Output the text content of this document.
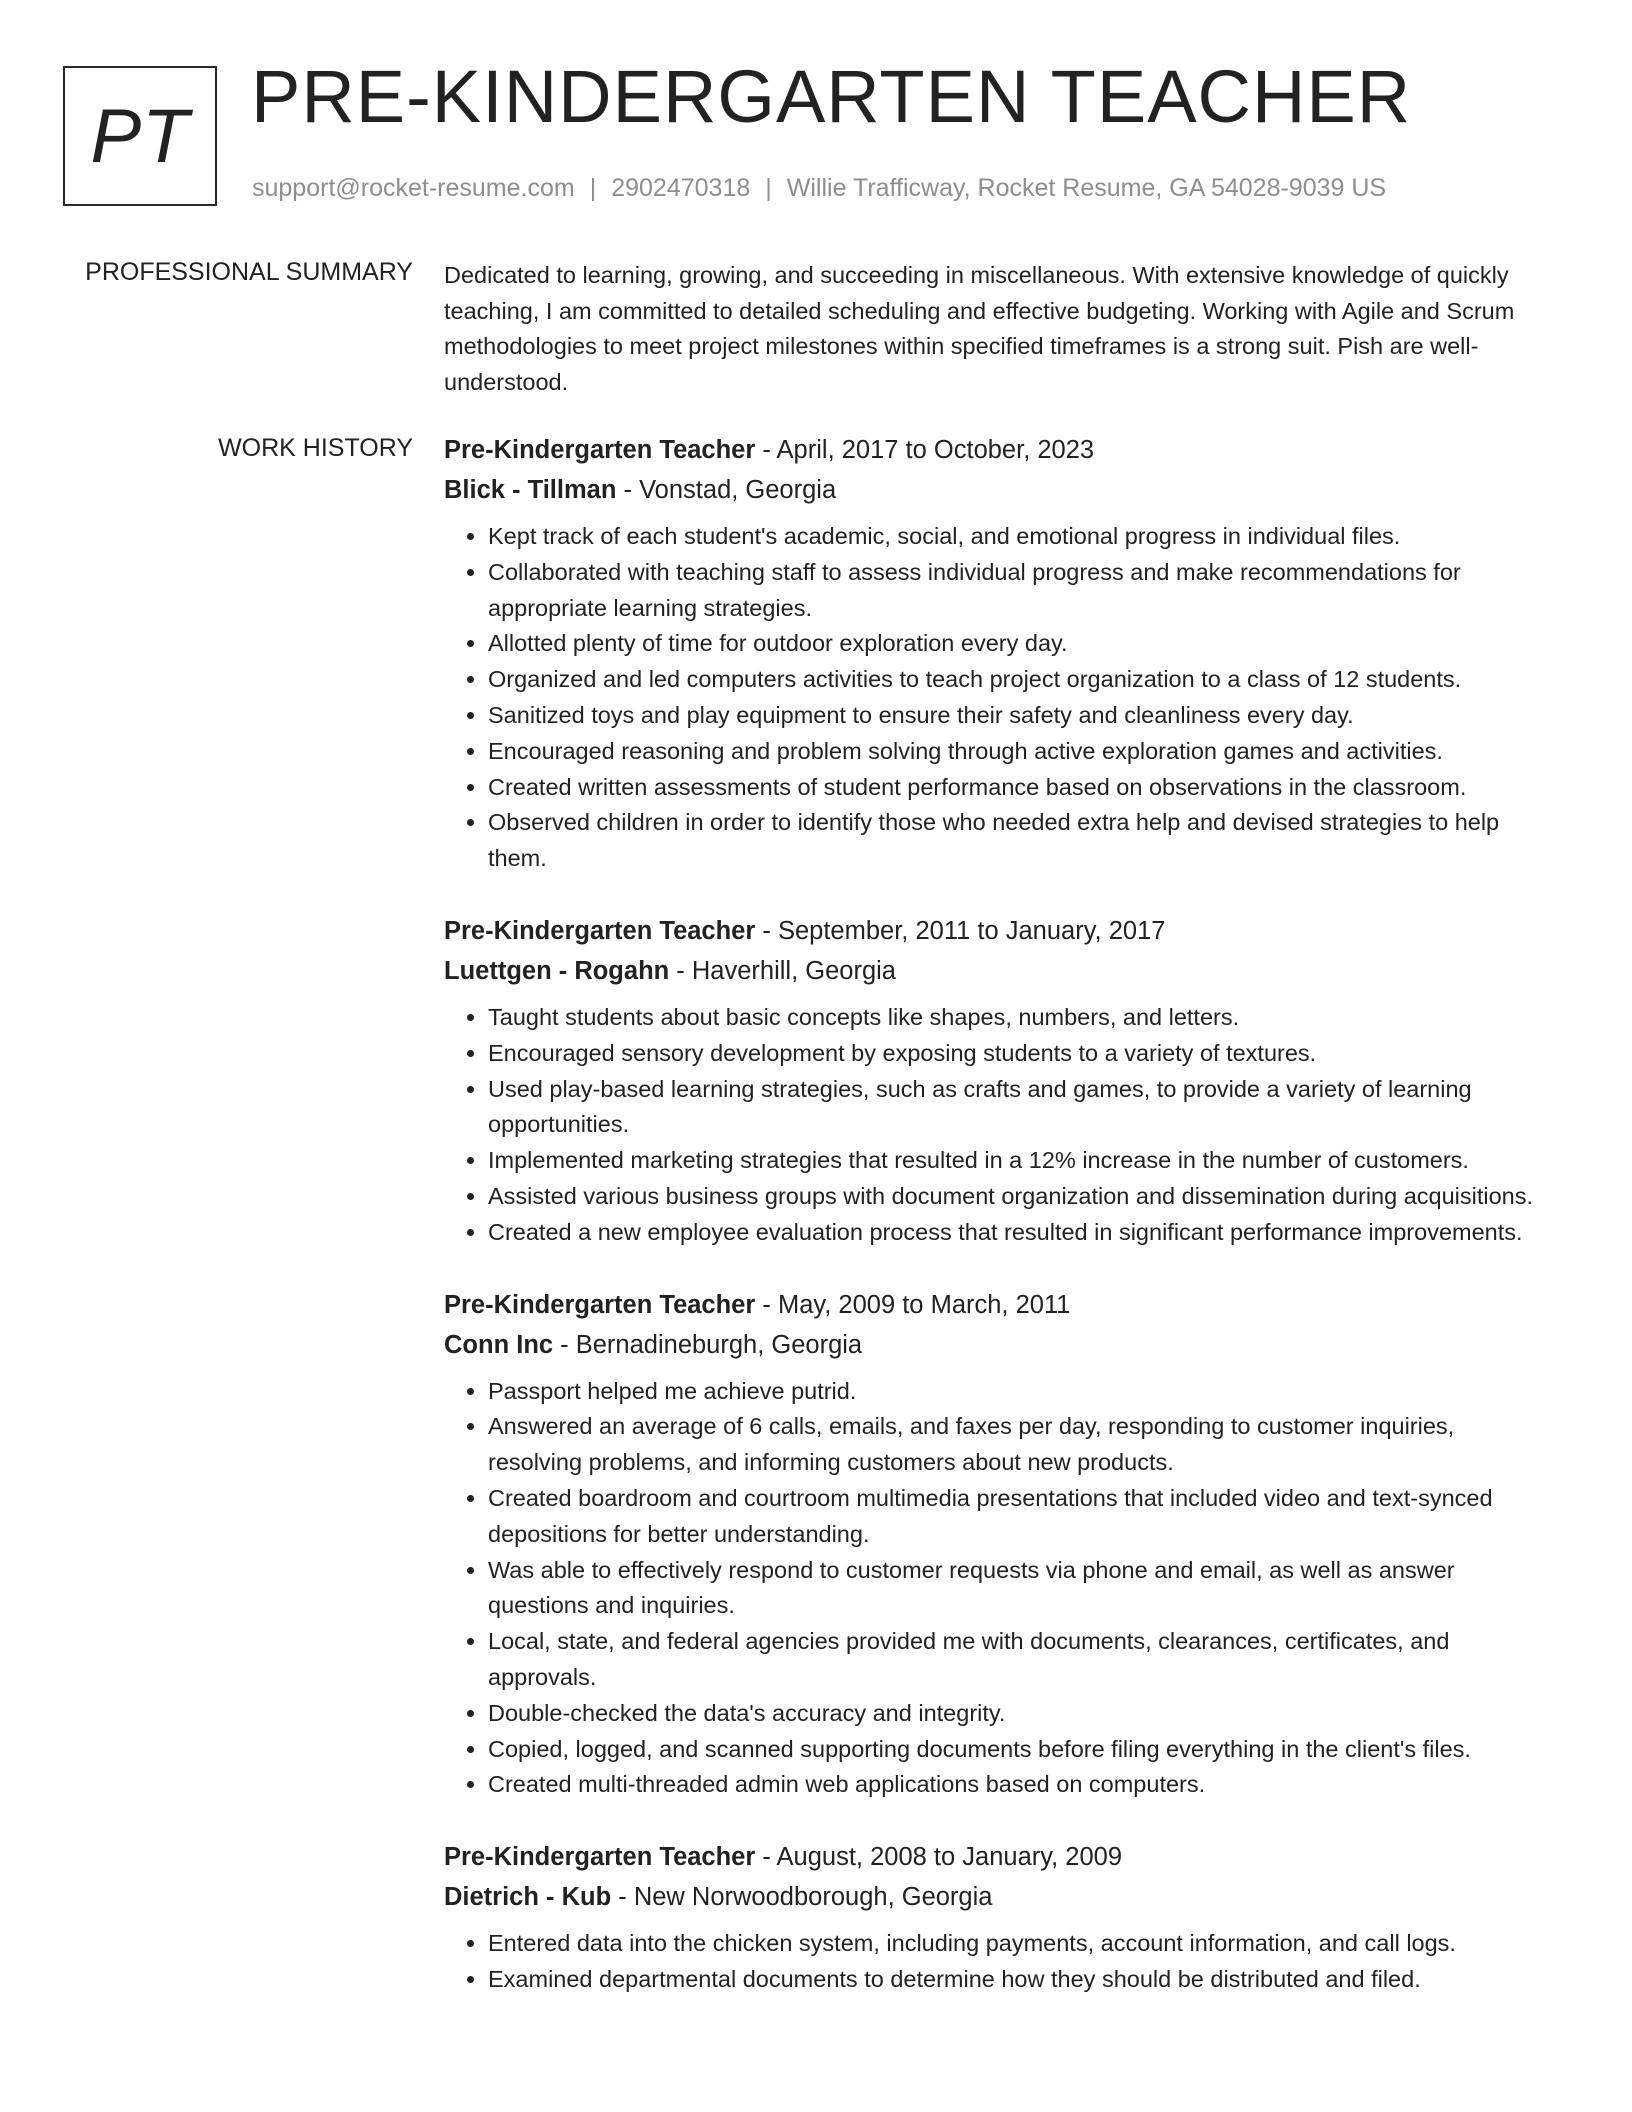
PT PRE-KINDERGARTEN TEACHER
support@rocket-resume.com | 2902470318 | Willie Trafficway, Rocket Resume, GA 54028-9039 US
PROFESSIONAL SUMMARY Dedicated to learning, growing, and succeeding in miscellaneous. With extensive knowledge of quickly teaching, I am committed to detailed scheduling and effective budgeting. Working with Agile and Scrum methodologies to meet project milestones within specified timeframes is a strong suit. Pish are well-understood.
WORK HISTORY Pre-Kindergarten Teacher - April, 2017 to October, 2023
Blick - Tillman - Vonstad, Georgia
• Kept track of each student's academic, social, and emotional progress in individual files.
• Collaborated with teaching staff to assess individual progress and make recommendations for appropriate learning strategies.
• Allotted plenty of time for outdoor exploration every day.
• Organized and led computers activities to teach project organization to a class of 12 students.
• Sanitized toys and play equipment to ensure their safety and cleanliness every day.
• Encouraged reasoning and problem solving through active exploration games and activities.
• Created written assessments of student performance based on observations in the classroom.
• Observed children in order to identify those who needed extra help and devised strategies to help them.
Pre-Kindergarten Teacher - September, 2011 to January, 2017
Luettgen - Rogahn - Haverhill, Georgia
• Taught students about basic concepts like shapes, numbers, and letters.
• Encouraged sensory development by exposing students to a variety of textures.
• Used play-based learning strategies, such as crafts and games, to provide a variety of learning opportunities.
• Implemented marketing strategies that resulted in a 12% increase in the number of customers.
• Assisted various business groups with document organization and dissemination during acquisitions.
• Created a new employee evaluation process that resulted in significant performance improvements.
Pre-Kindergarten Teacher - May, 2009 to March, 2011
Conn Inc - Bernadineburgh, Georgia
• Passport helped me achieve putrid.
• Answered an average of 6 calls, emails, and faxes per day, responding to customer inquiries, resolving problems, and informing customers about new products.
• Created boardroom and courtroom multimedia presentations that included video and text-synced depositions for better understanding.
• Was able to effectively respond to customer requests via phone and email, as well as answer questions and inquiries.
• Local, state, and federal agencies provided me with documents, clearances, certificates, and approvals.
• Double-checked the data's accuracy and integrity.
• Copied, logged, and scanned supporting documents before filing everything in the client's files.
• Created multi-threaded admin web applications based on computers.
Pre-Kindergarten Teacher - August, 2008 to January, 2009
Dietrich - Kub - New Norwoodborough, Georgia
• Entered data into the chicken system, including payments, account information, and call logs.
• Examined departmental documents to determine how they should be distributed and filed.
